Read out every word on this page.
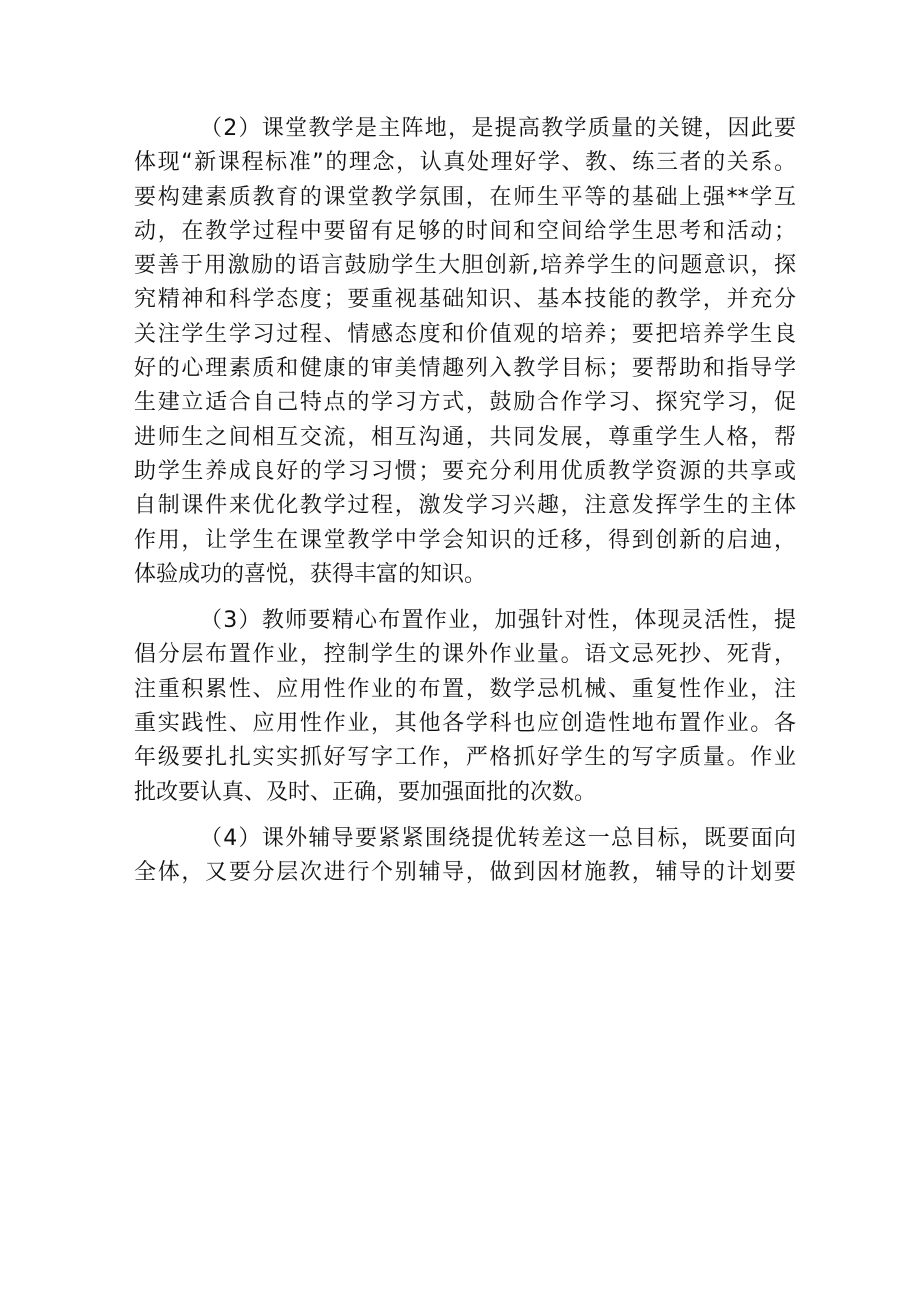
（2）课堂教学是主阵地，是提高教学质量的关键，因此要
体现“新课程标准”的理念，认真处理好学、教、练三者的关系。
要构建素质教育的课堂教学氛围，在师生平等的基础上强**学互
动，在教学过程中要留有足够的时间和空间给学生思考和活动；
要善于用激励的语言鼓励学生大胆创新,培养学生的问题意识，探
究精神和科学态度；要重视基础知识、基本技能的教学，并充分
关注学生学习过程、情感态度和价值观的培养；要把培养学生良
好的心理素质和健康的审美情趣列入教学目标；要帮助和指导学
生建立适合自己特点的学习方式，鼓励合作学习、探究学习，促
进师生之间相互交流，相互沟通，共同发展，尊重学生人格，帮
助学生养成良好的学习习惯；要充分利用优质教学资源的共享或
自制课件来优化教学过程，激发学习兴趣，注意发挥学生的主体
作用，让学生在课堂教学中学会知识的迁移，得到创新的启迪，
体验成功的喜悦，获得丰富的知识。
（3）教师要精心布置作业，加强针对性，体现灵活性，提
倡分层布置作业，控制学生的课外作业量。语文忌死抄、死背，
注重积累性、应用性作业的布置，数学忌机械、重复性作业，注
重实践性、应用性作业，其他各学科也应创造性地布置作业。各
年级要扎扎实实抓好写字工作，严格抓好学生的写字质量。作业
批改要认真、及时、正确，要加强面批的次数。
（4）课外辅导要紧紧围绕提优转差这一总目标，既要面向
全体，又要分层次进行个别辅导，做到因材施教，辅导的计划要
